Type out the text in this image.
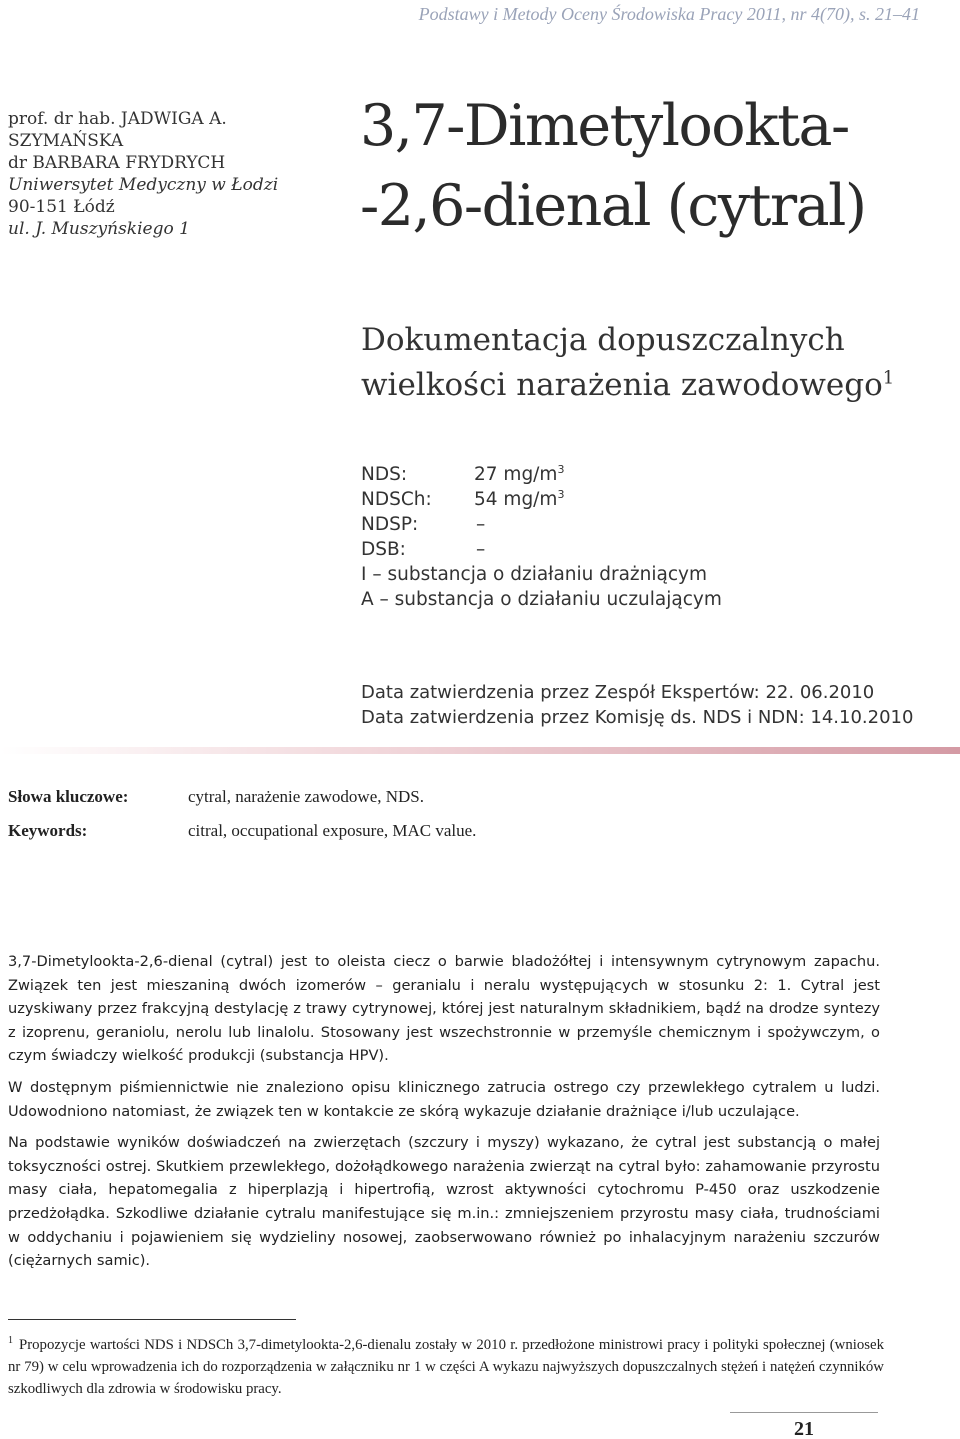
Podstawy i Metody Oceny Środowiska Pracy 2011, nr 4(70), s. 21–41
prof. dr hab. JADWIGA A.
SZYMAŃSKA
dr BARBARA FRYDRYCH
Uniwersytet Medyczny w Łodzi
90-151 Łódź
ul. J. Muszyńskiego 1
3,7-Dimetylookta-
-2,6-dienal (cytral)
Dokumentacja dopuszczalnych
wielkości narażenia zawodowego$^1$
NDS:	27 $mg/m^3$
NDSCh:	54 $mg/m^3$
NDSP:	–
DSB:	–
I – substancja o działaniu drażniącym
A – substancja o działaniu uczulającym
Data zatwierdzenia przez Zespół Ekspertów: 22. 06.2010
Data zatwierdzenia przez Komisję ds. NDS i NDN: 14.10.2010
Słowa kluczowe:	cytral, narażenie zawodowe, NDS.
Keywords:	citral, occupational exposure, MAC value.

3,7-Dimetylookta-2,6-dienal (cytral) jest to oleista ciecz o barwie bladożółtej i intensywnym cytrynowym zapachu. Związek ten jest mieszaniną dwóch izomerów – geranialu i neralu występujących w stosunku 2: 1. Cytral jest uzyskiwany przez frakcyjną destylację z trawy cytrynowej, której jest naturalnym składnikiem, bądź na drodze syntezy z izoprenu, geraniolu, nerolu lub linalolu. Stosowany jest wszechstronnie w przemyśle chemicznym i spożywczym, o czym świadczy wielkość produkcji (substancja HPV).

W dostępnym piśmiennictwie nie znaleziono opisu klinicznego zatrucia ostrego czy przewlekłego cytralem u ludzi. Udowodniono natomiast, że związek ten w kontakcie ze skórą wykazuje działanie drażniące i/lub uczulające.

Na podstawie wyników doświadczeń na zwierzętach (szczury i myszy) wykazano, że cytral jest substancją o małej toksyczności ostrej. Skutkiem przewlekłego, dożołądkowego narażenia zwierząt na cytral było: zahamowanie przyrostu masy ciała, hepatomegalia z hiperplazją i hipertrofią, wzrost aktywności cytochromu P-450 oraz uszkodzenie przedżołądka. Szkodliwe działanie cytralu manifestujące się m.in.: zmniejszeniem przyrostu masy ciała, trudnościami w oddychaniu i pojawieniem się wydzieliny nosowej, zaobserwowano również po inhalacyjnym narażeniu szczurów (ciężarnych samic).

$^1$ Propozycje wartości NDS i NDSCh 3,7-dimetylookta-2,6-dienalu zostały w 2010 r. przedłożone ministrowi pracy i polityki społecznej (wniosek nr 79) w celu wprowadzenia ich do rozporządzenia w załączniku nr 1 w części A wykazu najwyższych dopuszczalnych stężeń i natężeń czynników szkodliwych dla zdrowia w środowisku pracy.
21
